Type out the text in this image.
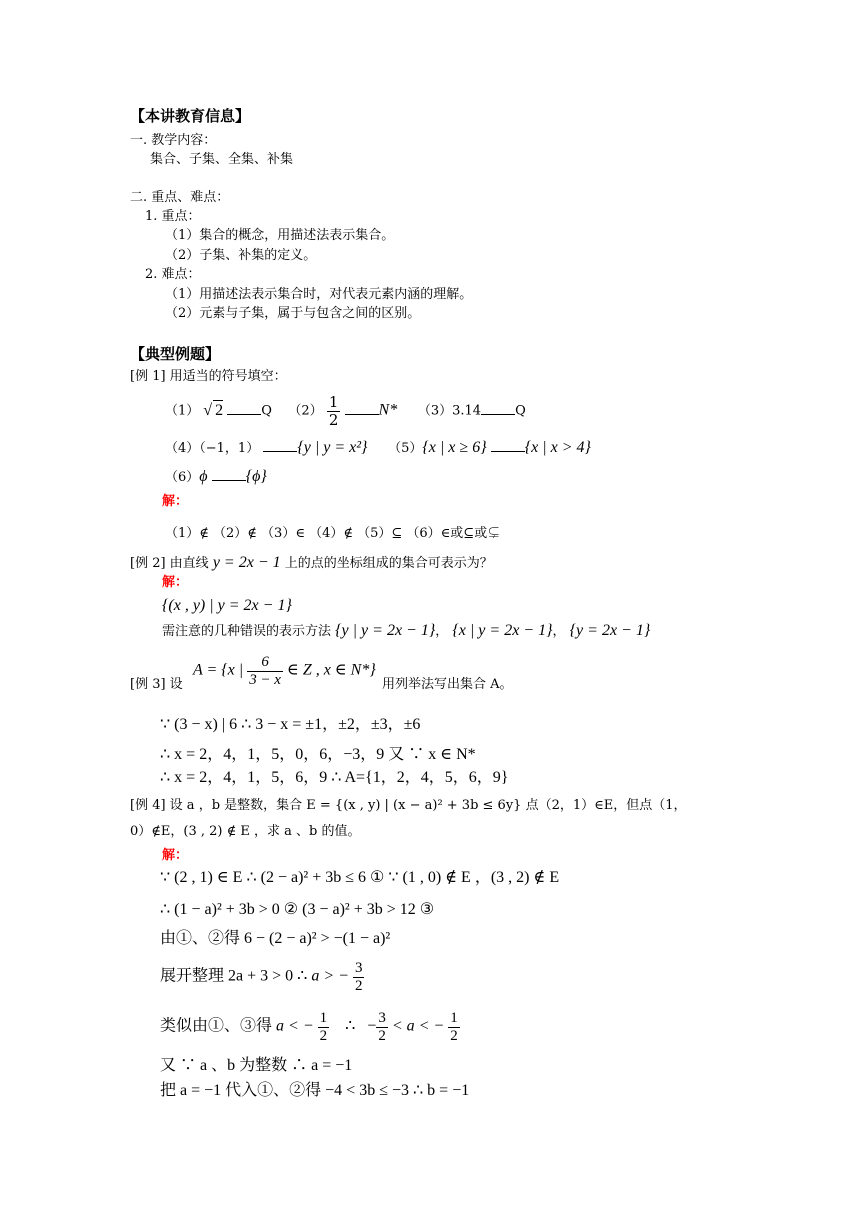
【本讲教育信息】
一. 教学内容：
集合、子集、全集、补集
二. 重点、难点：
1. 重点：
（1）集合的概念，用描述法表示集合。
（2）子集、补集的定义。
2. 难点：
（1）用描述法表示集合时，对代表元素内涵的理解。
（2）元素与子集，属于与包含之间的区别。
【典型例题】
[例 1] 用适当的符号填空：
（1） √ 2	Q $(2) \frac{1}{2} N*$ （3）3.14	Q
（4）（−1，1） {y | y = x²} （5）{x | x ≥ 6} {x | x > 4}
（6）ϕ {ϕ}
解：
（1）∉ （2）∉ （3）∈ （4）∉ （5）⊆ （6）∈或⊆或⊊
[例 2] 由直线 y = 2x − 1 上的点的坐标组成的集合可表示为？
解：
{(x , y) | y = 2x − 1}
需注意的几种错误的表示方法 {y | y = 2x − 1}， {x | y = 2x − 1}， {y = 2x − 1}
A = {x | $\frac{6}{3 - x}$ ∈ Z , x ∈ N*}
[例 3] 设	用列举法写出集合 A。
∵ (3 − x) | 6 ∴ 3 − x = ±1，±2，±3，±6
∴ x = 2，4，1，5，0，6，−3，9 又 ∵ x ∈ N*
∴ x = 2，4，1，5，6，9 ∴ A={1，2，4，5，6，9}
[例 4] 设 a ，b 是整数，集合 E = {(x , y) | (x − a)² + 3b ≤ 6y} 点（2，1）∈E，但点（1，
0）∉E，(3 , 2) ∉ E ，求 a 、b 的值。
解：
∵ (2 , 1) ∈ E ∴ (2 − a)² + 3b ≤ 6 ① ∵ (1 , 0) ∉ E ，(3 , 2) ∉ E
∴ (1 − a)² + 3b > 0 ② (3 − a)² + 3b > 12 ③
由①、②得 6 − (2 − a)² > −(1 − a)²
展开整理 2a + 3 > 0 ∴ a > − $\frac{3}{2}$
类似由①、③得 a < − $\frac{1}{2}$ ∴ − $\frac{3}{2} < a$ < − $\frac{1}{2}$
又 ∵ a 、b 为整数 ∴ a = −1
把 a = −1 代入①、②得 −4 < 3b ≤ −3 ∴ b = −1
